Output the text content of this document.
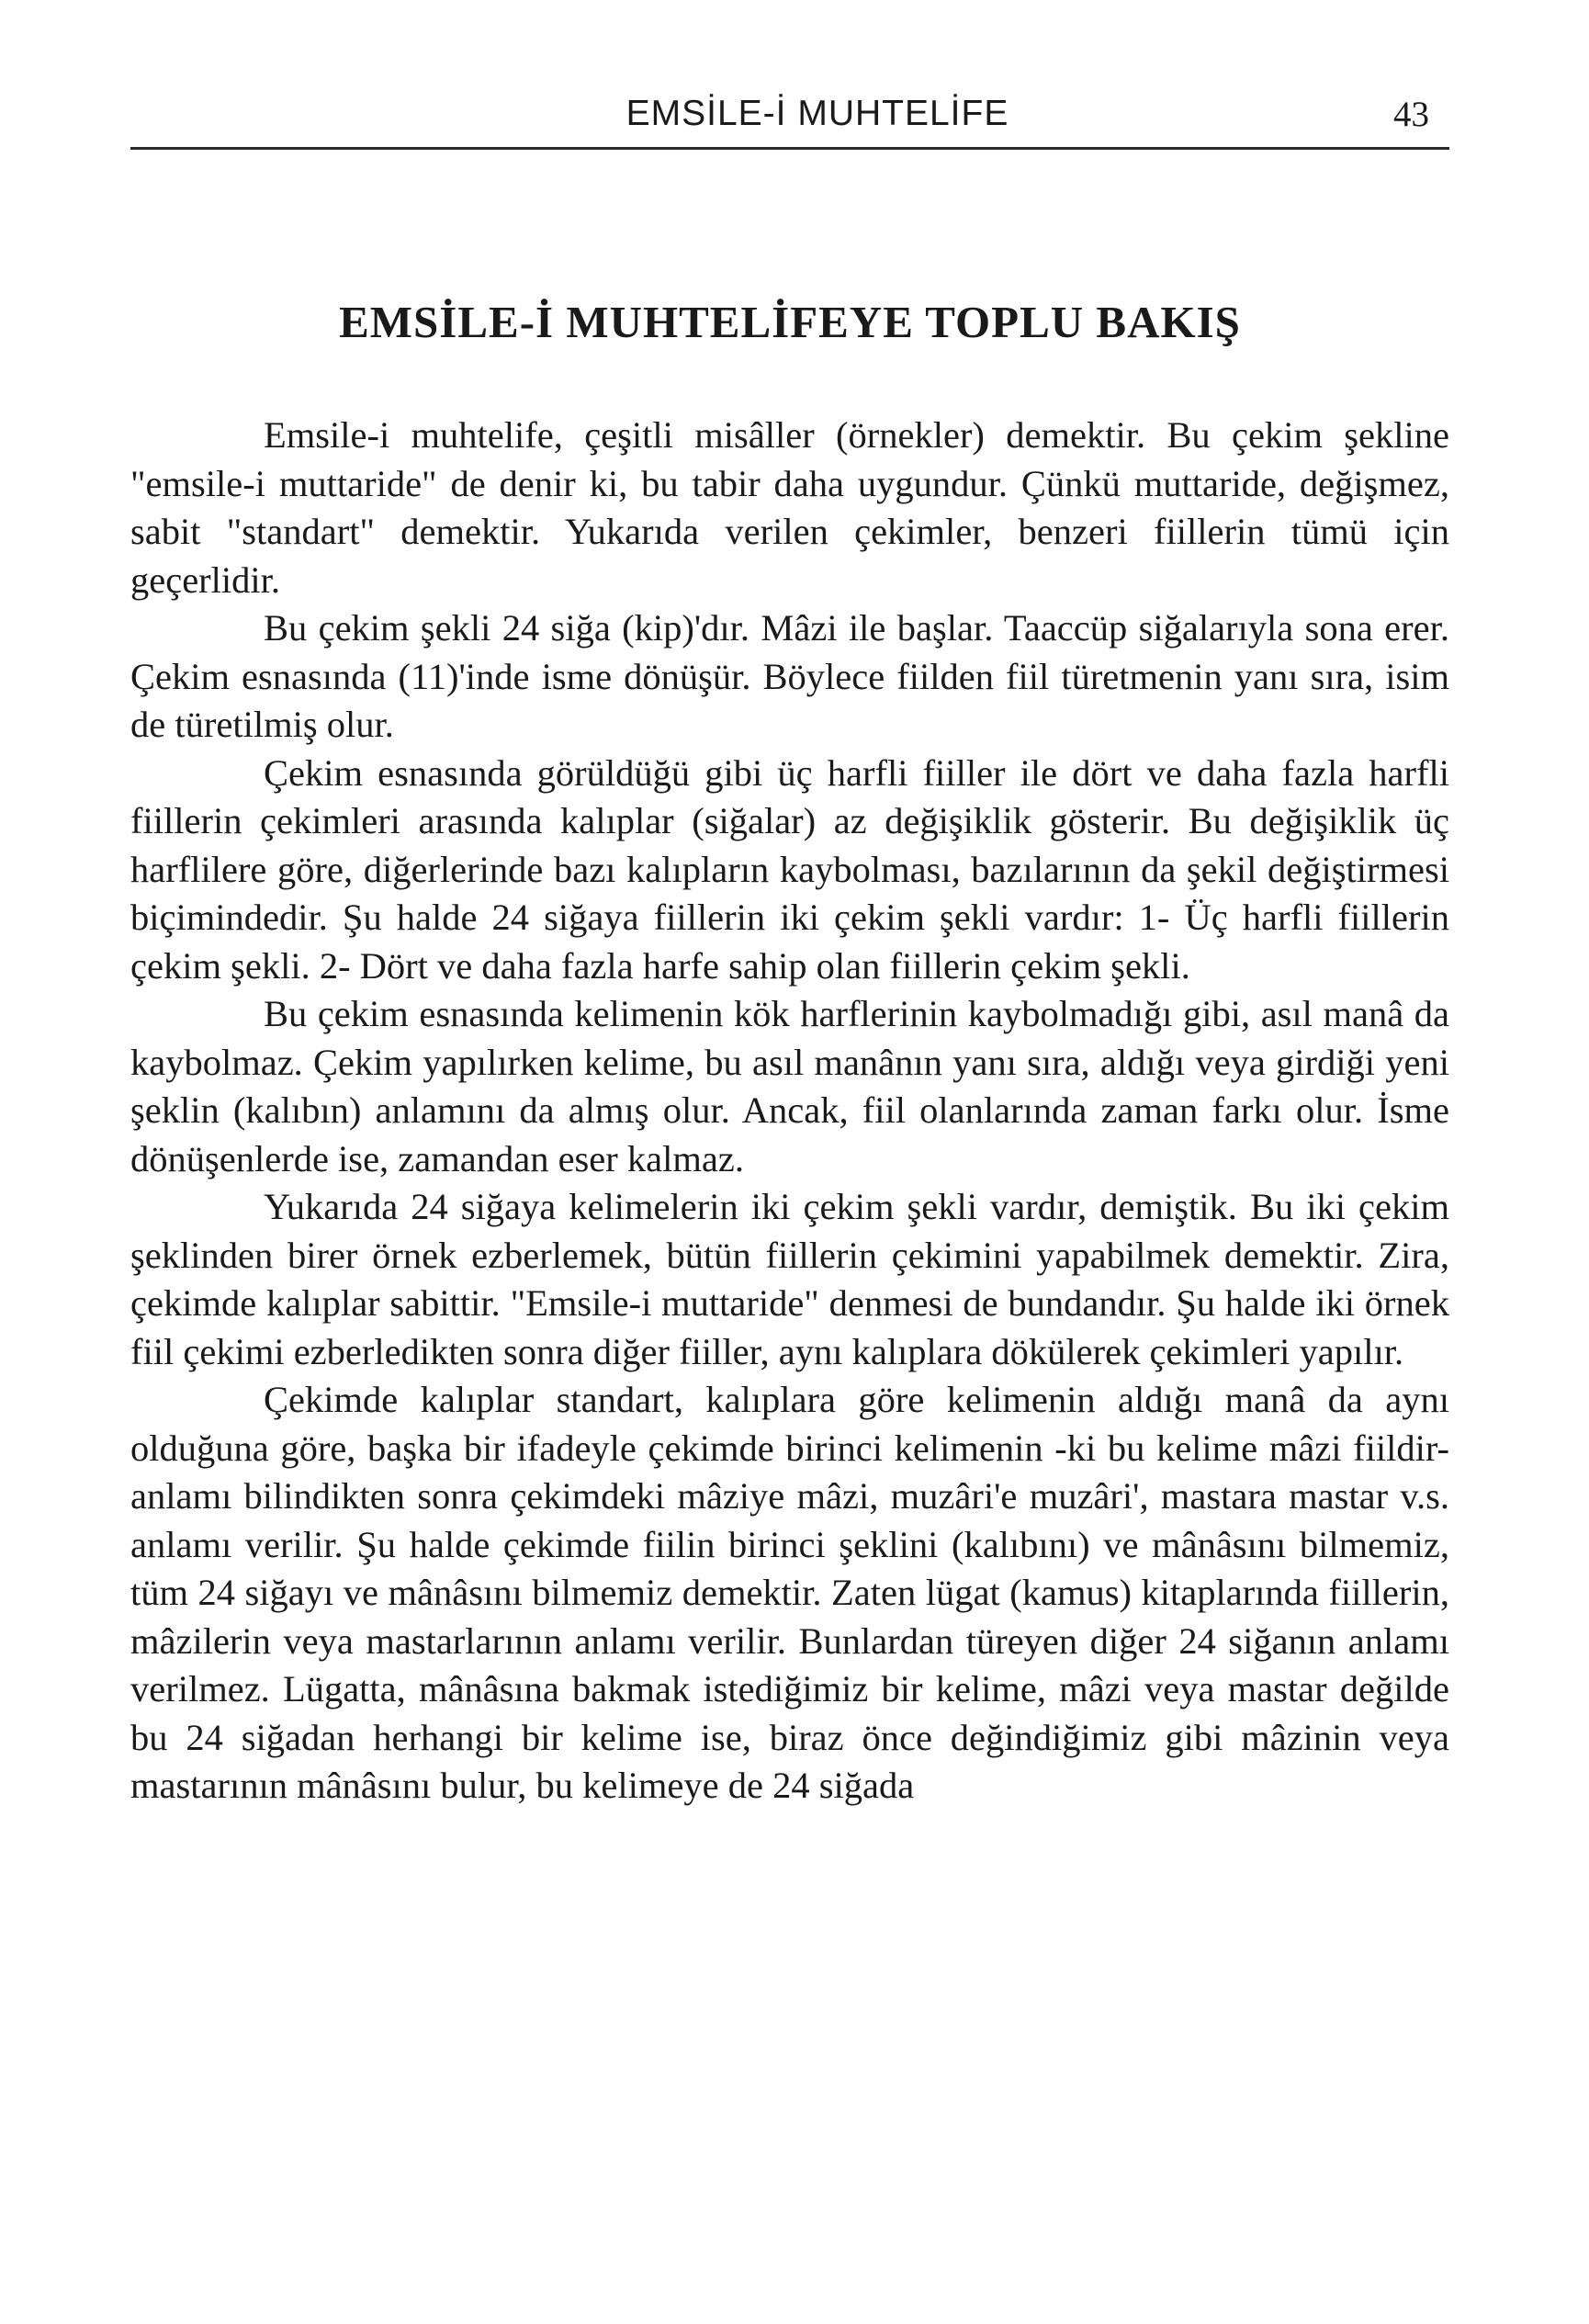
EMSİLE-İ MUHTELİFE	43
EMSİLE-İ MUHTELİFEYE TOPLU BAKIŞ

Emsile-i muhtelife, çeşitli misâller (örnekler) demektir. Bu çekim şekline "emsile-i muttaride" de denir ki, bu tabir daha uygundur. Çünkü muttaride, değişmez, sabit "standart" demektir. Yukarıda verilen çekimler, benzeri fiillerin tümü için geçerlidir.

Bu çekim şekli 24 siğa (kip)'dır. Mâzi ile başlar. Taaccüp siğalarıyla sona erer. Çekim esnasında (11)'inde isme dönüşür. Böylece fiilden fiil türetmenin yanı sıra, isim de türetilmiş olur.

Çekim esnasında görüldüğü gibi üç harfli fiiller ile dört ve daha fazla harfli fiillerin çekimleri arasında kalıplar (siğalar) az değişiklik gösterir. Bu değişiklik üç harflilere göre, diğerlerinde bazı kalıpların kaybolması, bazılarının da şekil değiştirmesi biçimindedir. Şu halde 24 siğaya fiillerin iki çekim şekli vardır: 1- Üç harfli fiillerin çekim şekli. 2- Dört ve daha fazla harfe sahip olan fiillerin çekim şekli.

Bu çekim esnasında kelimenin kök harflerinin kaybolmadığı gibi, asıl manâ da kaybolmaz. Çekim yapılırken kelime, bu asıl manânın yanı sıra, aldığı veya girdiği yeni şeklin (kalıbın) anlamını da almış olur. Ancak, fiil olanlarında zaman farkı olur. İsme dönüşenlerde ise, zamandan eser kalmaz.

Yukarıda 24 siğaya kelimelerin iki çekim şekli vardır, demiştik. Bu iki çekim şeklinden birer örnek ezberlemek, bütün fiillerin çekimini yapabilmek demektir. Zira, çekimde kalıplar sabittir. "Emsile-i muttaride" denmesi de bundandır. Şu halde iki örnek fiil çekimi ezberledikten sonra diğer fiiller, aynı kalıplara dökülerek çekimleri yapılır.

Çekimde kalıplar standart, kalıplara göre kelimenin aldığı manâ da aynı olduğuna göre, başka bir ifadeyle çekimde birinci kelimenin -ki bu kelime mâzi fiildir- anlamı bilindikten sonra çekimdeki mâziye mâzi, muzâri'e muzâri', mastara mastar v.s. anlamı verilir. Şu halde çekimde fiilin birinci şeklini (kalıbını) ve mânâsını bilmemiz, tüm 24 siğayı ve mânâsını bilmemiz demektir. Zaten lügat (kamus) kitaplarında fiillerin, mâzilerin veya mastarlarının anlamı verilir. Bunlardan türeyen diğer 24 siğanın anlamı verilmez. Lügatta, mânâsına bakmak istediğimiz bir kelime, mâzi veya mastar değilde bu 24 siğadan herhangi bir kelime ise, biraz önce değindiğimiz gibi mâzinin veya mastarının mânâsını bulur, bu kelimeye de 24 siğada
